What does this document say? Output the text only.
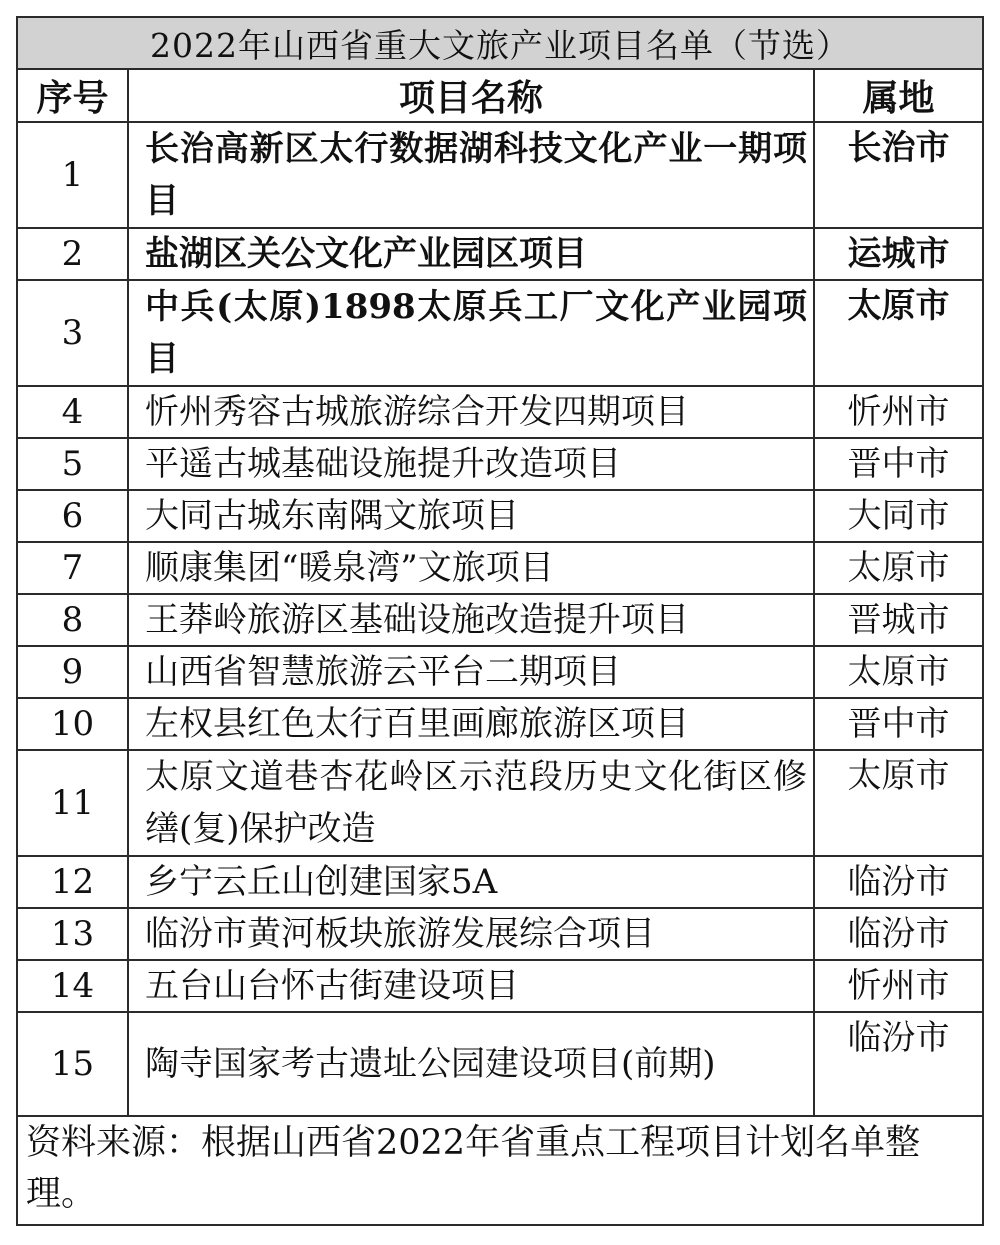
2022年山西省重大文旅产业项目名单（节选）		
序号	项目名称	属地
1	长治高新区太行数据湖科技文化产业一期项目	长治市
2	盐湖区关公文化产业园区项目	运城市
3	中兵(太原)1898太原兵工厂文化产业园项目	太原市
4	忻州秀容古城旅游综合开发四期项目	忻州市
5	平遥古城基础设施提升改造项目	晋中市
6	大同古城东南隅文旅项目	大同市
7	顺康集团“暖泉湾”文旅项目	太原市
8	王莽岭旅游区基础设施改造提升项目	晋城市
9	山西省智慧旅游云平台二期项目	太原市
10	左权县红色太行百里画廊旅游区项目	晋中市
11	太原文道巷杏花岭区示范段历史文化街区修缮(复)保护改造	太原市
12	乡宁云丘山创建国家5A	临汾市
13	临汾市黄河板块旅游发展综合项目	临汾市
14	五台山台怀古街建设项目	忻州市
15	陶寺国家考古遗址公园建设项目(前期)	临汾市
资料来源：根据山西省2022年省重点工程项目计划名单整理。		
